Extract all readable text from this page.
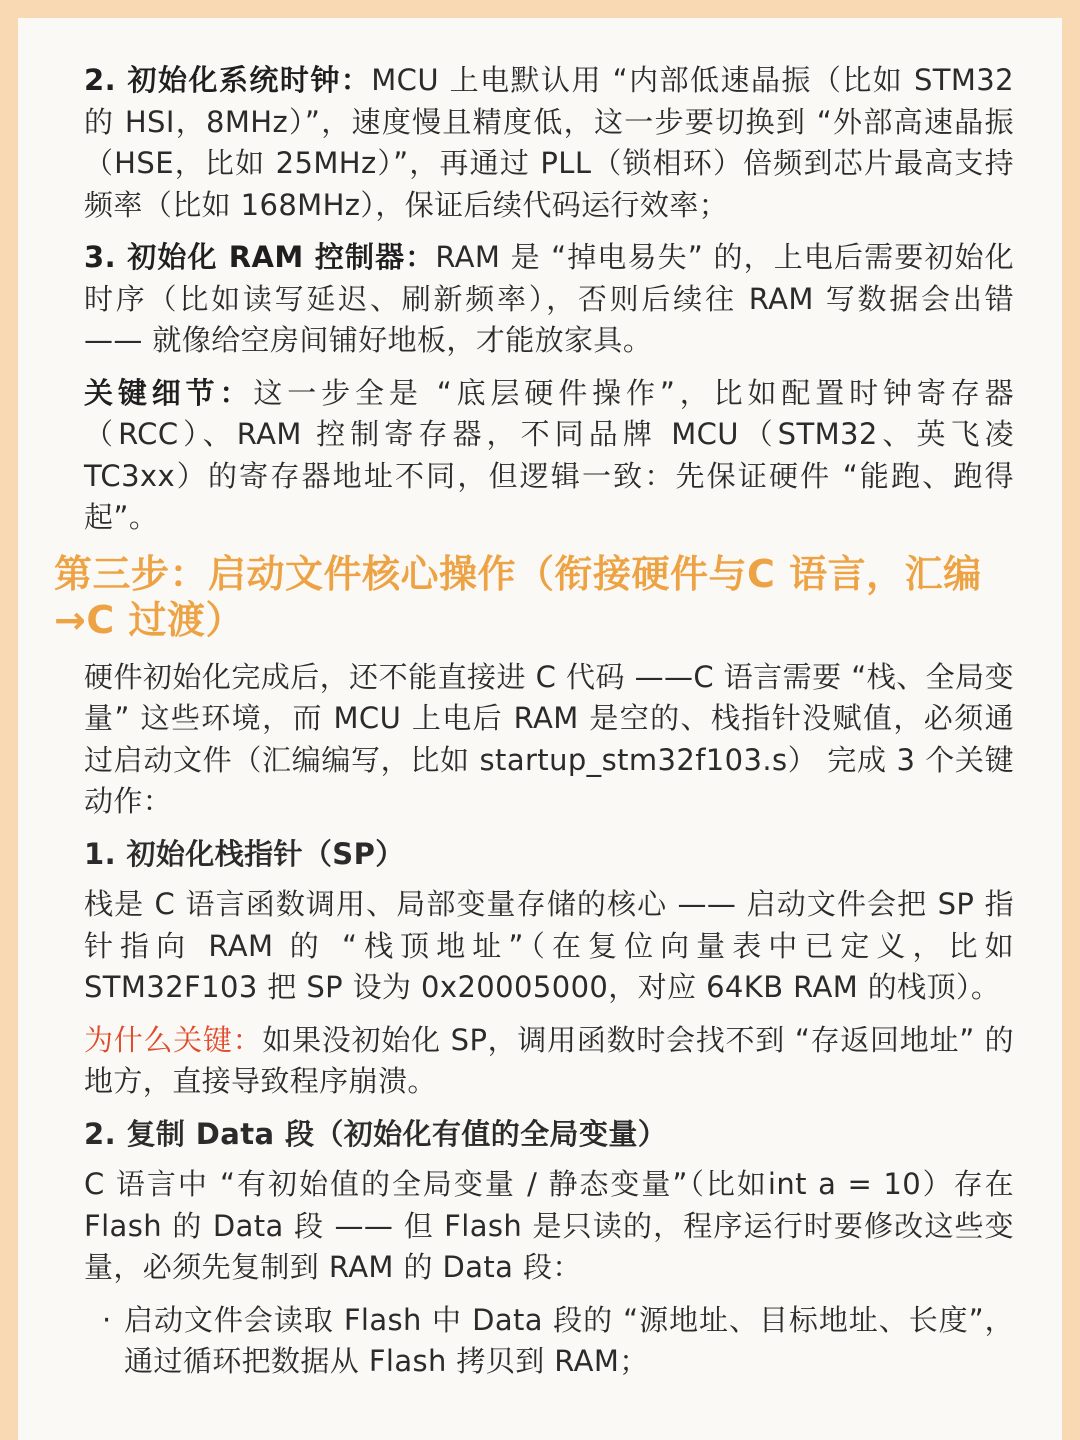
2. 初始化系统时钟：MCU 上电默认用 “内部低速晶振（比如 STM32 的 HSI，8MHz）”，速度慢且精度低，这一步要切换到 “外部高速晶振（HSE，比如 25MHz）”，再通过 PLL（锁相环）倍频到芯片最高支持频率（比如 168MHz），保证后续代码运行效率；

3. 初始化 RAM 控制器：RAM 是 “掉电易失” 的，上电后需要初始化时序（比如读写延迟、刷新频率），否则后续往 RAM 写数据会出错 —— 就像给空房间铺好地板，才能放家具。

关键细节：这一步全是 “底层硬件操作”，比如配置时钟寄存器（RCC）、RAM 控制寄存器，不同品牌 MCU（STM32、英飞凌 TC3xx）的寄存器地址不同，但逻辑一致：先保证硬件 “能跑、跑得起”。

第三步：启动文件核心操作（衔接硬件与C 语言，汇编→C 过渡）

硬件初始化完成后，还不能直接进 C 代码 ——C 语言需要 “栈、全局变量” 这些环境，而 MCU 上电后 RAM 是空的、栈指针没赋值，必须通过启动文件（汇编编写，比如 startup_stm32f103.s） 完成 3 个关键动作：

1. 初始化栈指针（SP）

栈是 C 语言函数调用、局部变量存储的核心 —— 启动文件会把 SP 指针指向 RAM 的 “栈顶地址”（在复位向量表中已定义，比如 STM32F103 把 SP 设为 0x20005000，对应 64KB RAM 的栈顶）。

为什么关键：如果没初始化 SP，调用函数时会找不到 “存返回地址” 的地方，直接导致程序崩溃。

2. 复制 Data 段（初始化有值的全局变量）

C 语言中 “有初始值的全局变量 / 静态变量”（比如int a = 10）存在 Flash 的 Data 段 —— 但 Flash 是只读的，程序运行时要修改这些变量，必须先复制到 RAM 的 Data 段：

· 启动文件会读取 Flash 中 Data 段的 “源地址、目标地址、长度”，通过循环把数据从 Flash 拷贝到 RAM；
